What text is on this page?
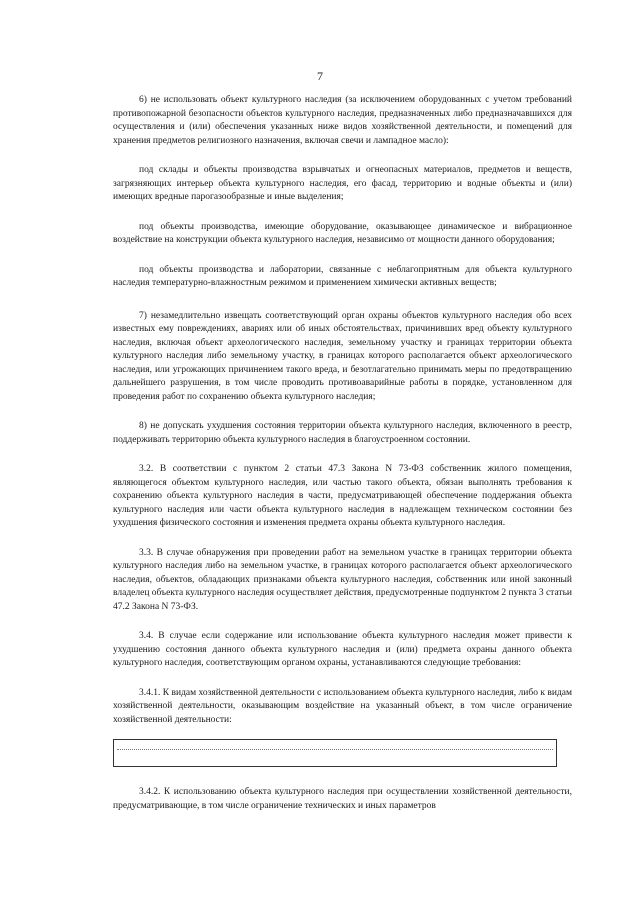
7

6) не использовать объект культурного наследия (за исключением оборудованных с учетом требований противопожарной безопасности объектов культурного наследия, предназначенных либо предназначавшихся для осуществления и (или) обеспечения указанных ниже видов хозяйственной деятельности, и помещений для хранения предметов религиозного назначения, включая свечи и лампадное масло):

под склады и объекты производства взрывчатых и огнеопасных материалов, предметов и веществ, загрязняющих интерьер объекта культурного наследия, его фасад, территорию и водные объекты и (или) имеющих вредные парогазообразные и иные выделения;

под объекты производства, имеющие оборудование, оказывающее динамическое и вибрационное воздействие на конструкции объекта культурного наследия, независимо от мощности данного оборудования;

под объекты производства и лаборатории, связанные с неблагоприятным для объекта культурного наследия температурно-влажностным режимом и применением химически активных веществ;

7) незамедлительно извещать соответствующий орган охраны объектов культурного наследия обо всех известных ему повреждениях, авариях или об иных обстоятельствах, причинивших вред объекту культурного наследия, включая объект археологического наследия, земельному участку и границах территории объекта культурного наследия либо земельному участку, в границах которого располагается объект археологического наследия, или угрожающих причинением такого вреда, и безотлагательно принимать меры по предотвращению дальнейшего разрушения, в том числе проводить противоаварийные работы в порядке, установленном для проведения работ по сохранению объекта культурного наследия;

8) не допускать ухудшения состояния территории объекта культурного наследия, включенного в реестр, поддерживать территорию объекта культурного наследия в благоустроенном состоянии.

3.2. В соответствии с пунктом 2 статьи 47.3 Закона N 73-ФЗ собственник жилого помещения, являющегося объектом культурного наследия, или частью такого объекта, обязан выполнять требования к сохранению объекта культурного наследия в части, предусматривающей обеспечение поддержания объекта культурного наследия или части объекта культурного наследия в надлежащем техническом состоянии без ухудшения физического состояния и изменения предмета охраны объекта культурного наследия.

3.3. В случае обнаружения при проведении работ на земельном участке в границах территории объекта культурного наследия либо на земельном участке, в границах которого располагается объект археологического наследия, объектов, обладающих признаками объекта культурного наследия, собственник или иной законный владелец объекта культурного наследия осуществляет действия, предусмотренные подпунктом 2 пункта 3 статьи 47.2 Закона N 73-ФЗ.

3.4. В случае если содержание или использование объекта культурного наследия может привести к ухудшению состояния данного объекта культурного наследия и (или) предмета охраны данного объекта культурного наследия, соответствующим органом охраны, устанавливаются следующие требования:

3.4.1. К видам хозяйственной деятельности с использованием объекта культурного наследия, либо к видам хозяйственной деятельности, оказывающим воздействие на указанный объект, в том числе ограничение хозяйственной деятельности:

3.4.2. К использованию объекта культурного наследия при осуществлении хозяйственной деятельности, предусматривающие, в том числе ограничение технических и иных параметров
